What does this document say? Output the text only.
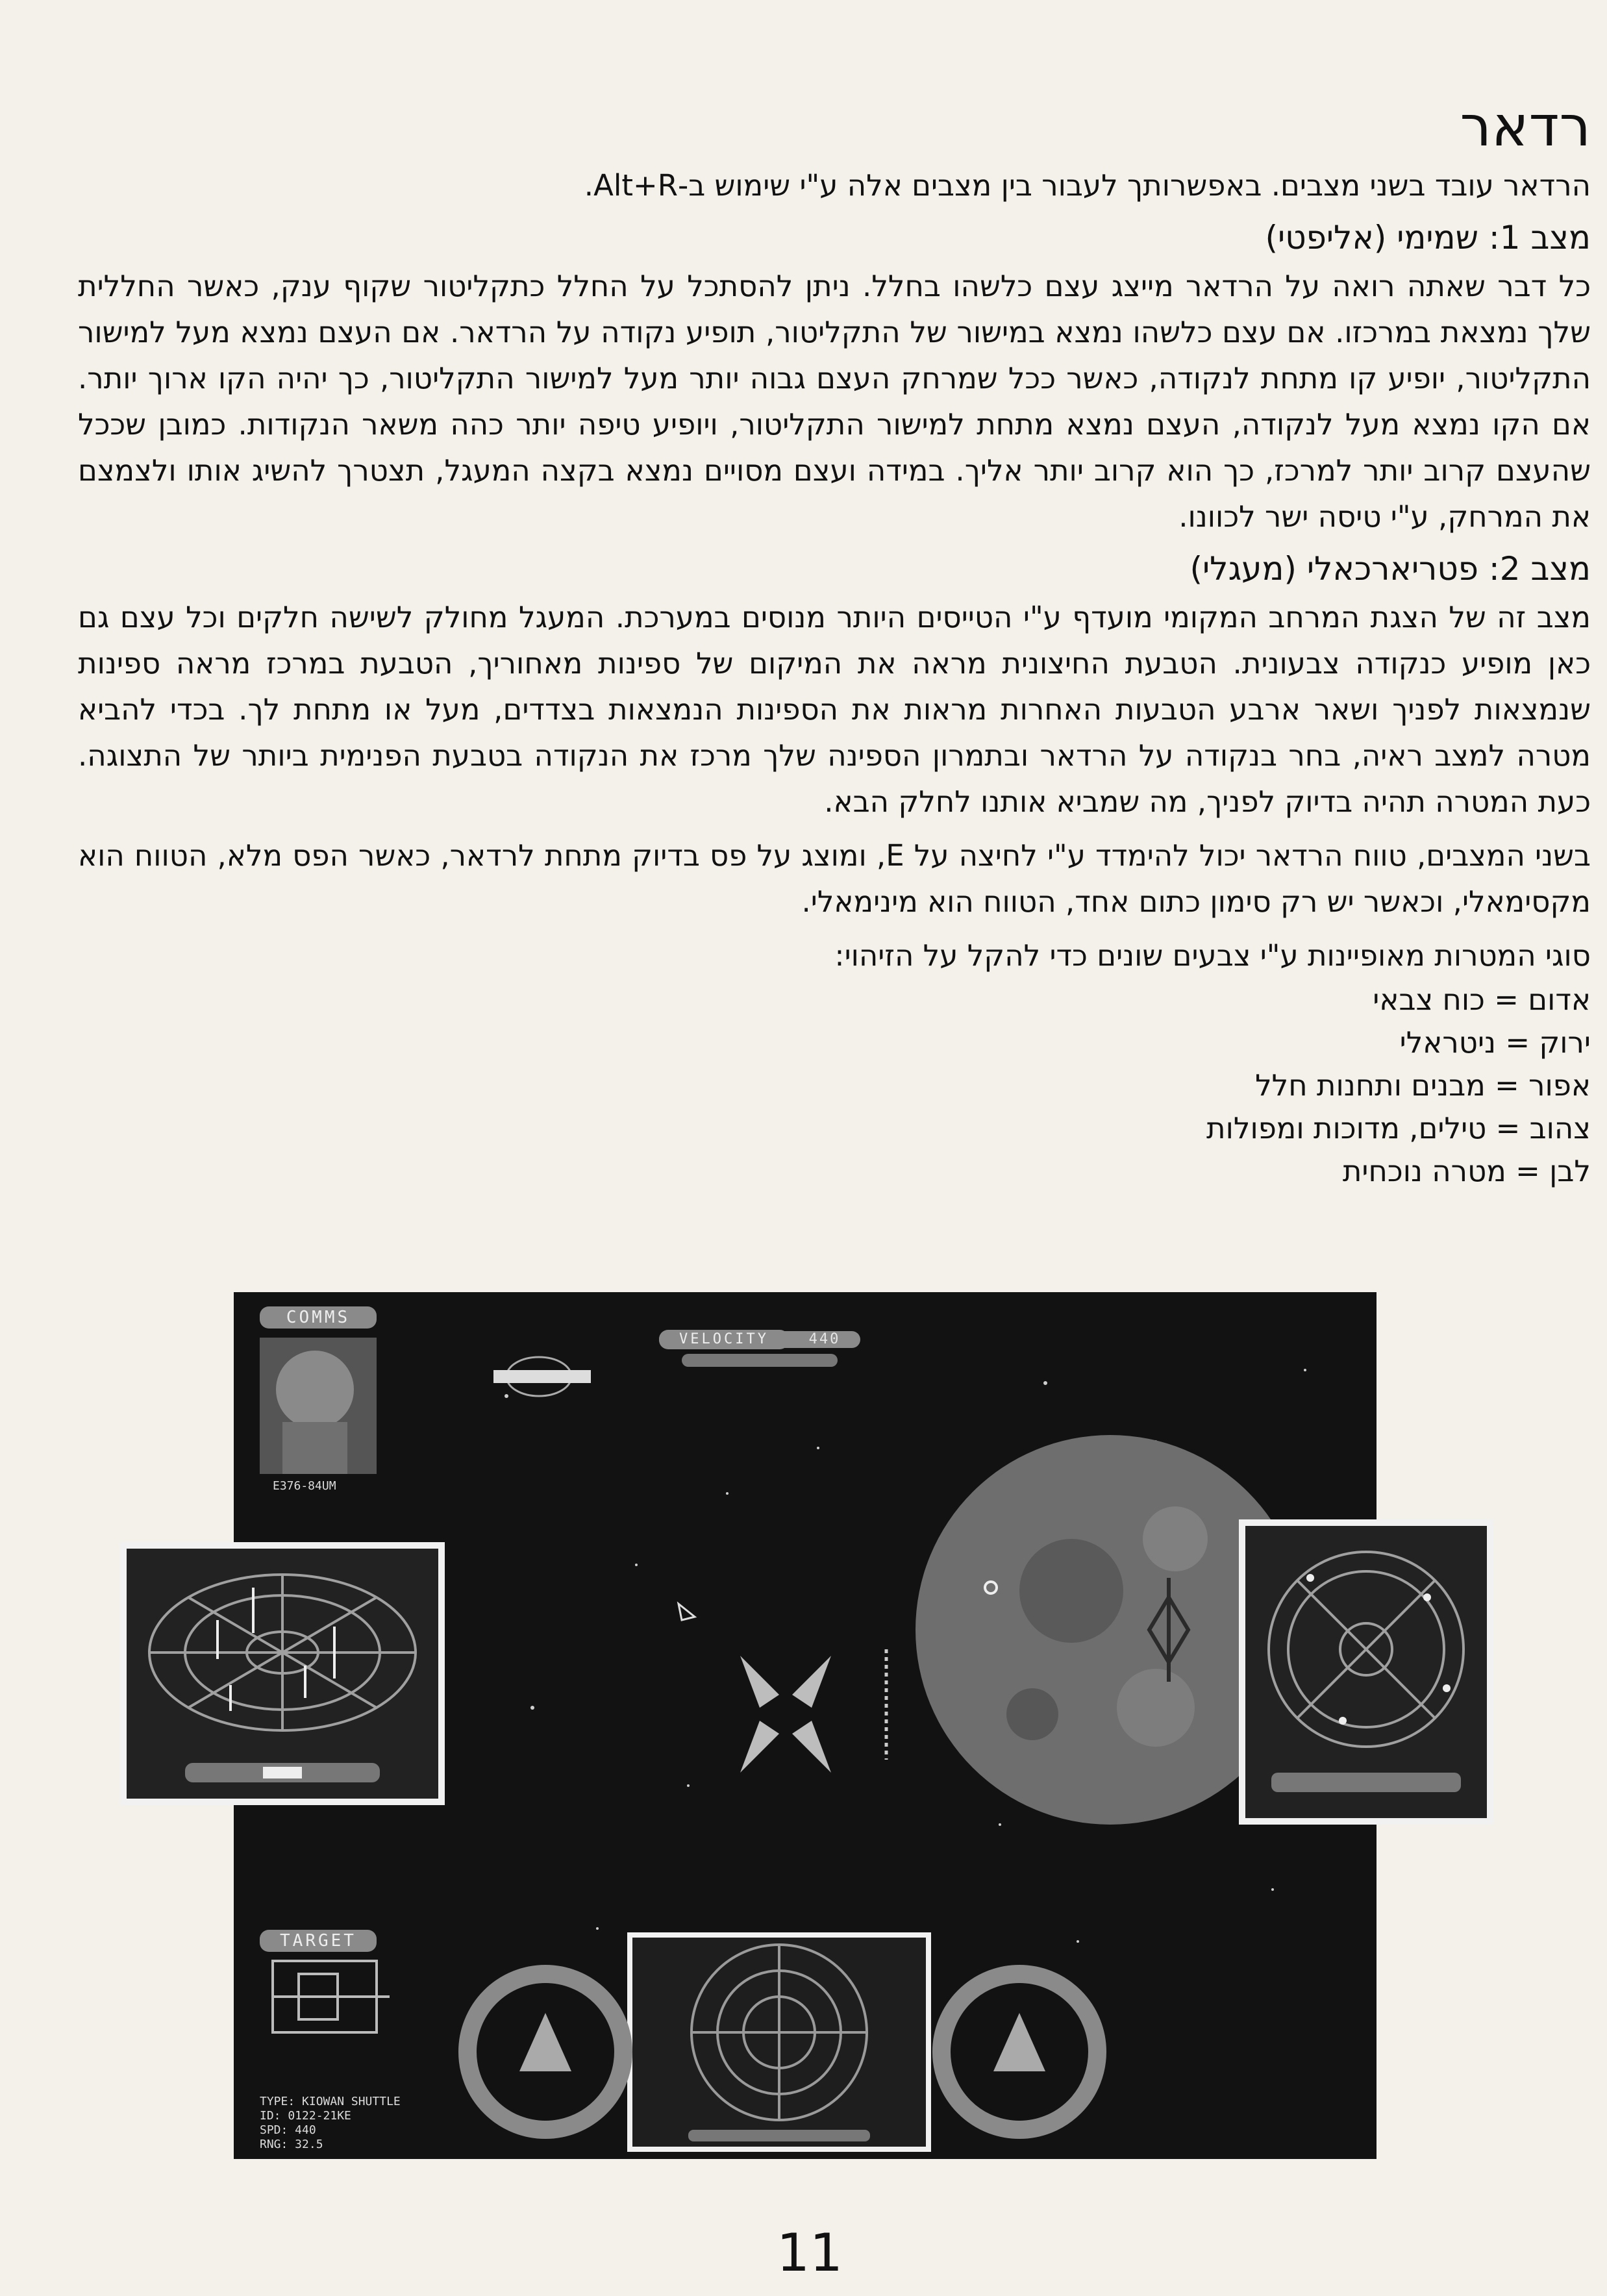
רדאר

הרדאר עובד בשני מצבים. באפשרותך לעבור בין מצבים אלה ע"י שימוש ב-Alt+R.

מצב 1: שמימי (אליפטי)

כל דבר שאתה רואה על הרדאר מייצג עצם כלשהו בחלל. ניתן להסתכל על החלל כתקליטור שקוף ענק, כאשר החללית שלך נמצאת במרכזו. אם עצם כלשהו נמצא במישור של התקליטור, תופיע נקודה על הרדאר. אם העצם נמצא מעל למישור התקליטור, יופיע קו מתחת לנקודה, כאשר ככל שמרחק העצם גבוה יותר מעל למישור התקליטור, כך יהיה הקו ארוך יותר. אם הקו נמצא מעל לנקודה, העצם נמצא מתחת למישור התקליטור, ויופיע טיפה יותר כהה משאר הנקודות. כמובן שככל שהעצם קרוב יותר למרכז, כך הוא קרוב יותר אליך. במידה ועצם מסויים נמצא בקצה המעגל, תצטרך להשיג אותו ולצמצם את המרחק, ע"י טיסה ישר לכוונו.

מצב 2: פטריארכאלי (מעגלי)

מצב זה של הצגת המרחב המקומי מועדף ע"י הטייסים היותר מנוסים במערכת. המעגל מחולק לשישה חלקים וכל עצם גם כאן מופיע כנקודה צבעונית. הטבעת החיצונית מראה את המיקום של ספינות מאחוריך, הטבעת במרכז מראה ספינות שנמצאות לפניך ושאר ארבע הטבעות האחרות מראות את הספינות הנמצאות בצדדים, מעל או מתחת לך. בכדי להביא מטרה למצב ראיה, בחר בנקודה על הרדאר ובתמרון הספינה שלך מרכז את הנקודה בטבעת הפנימית ביותר של התצוגה. כעת המטרה תהיה בדיוק לפניך, מה שמביא אותנו לחלק הבא.

בשני המצבים, טווח הרדאר יכול להימדד ע"י לחיצה על E, ומוצג על פס בדיוק מתחת לרדאר, כאשר הפס מלא, הטווח הוא מקסימאלי, וכאשר יש רק סימון כתום אחד, הטווח הוא מינימאלי.

סוגי המטרות מאופיינות ע"י צבעים שונים כדי להקל על הזיהוי:

אדום = כוח צבאי
ירוק = ניטראלי
אפור = מבנים ותחנות חלל
צהוב = טילים, מדוכות ומפולות
לבן = מטרה נוכחית
COMMS
E376-84UM
VELOCITY	440
TARGET
TYPE: KIOWAN SHUTTLE
ID: 0122-21KE
SPD: 440
RNG: 32.5
11
